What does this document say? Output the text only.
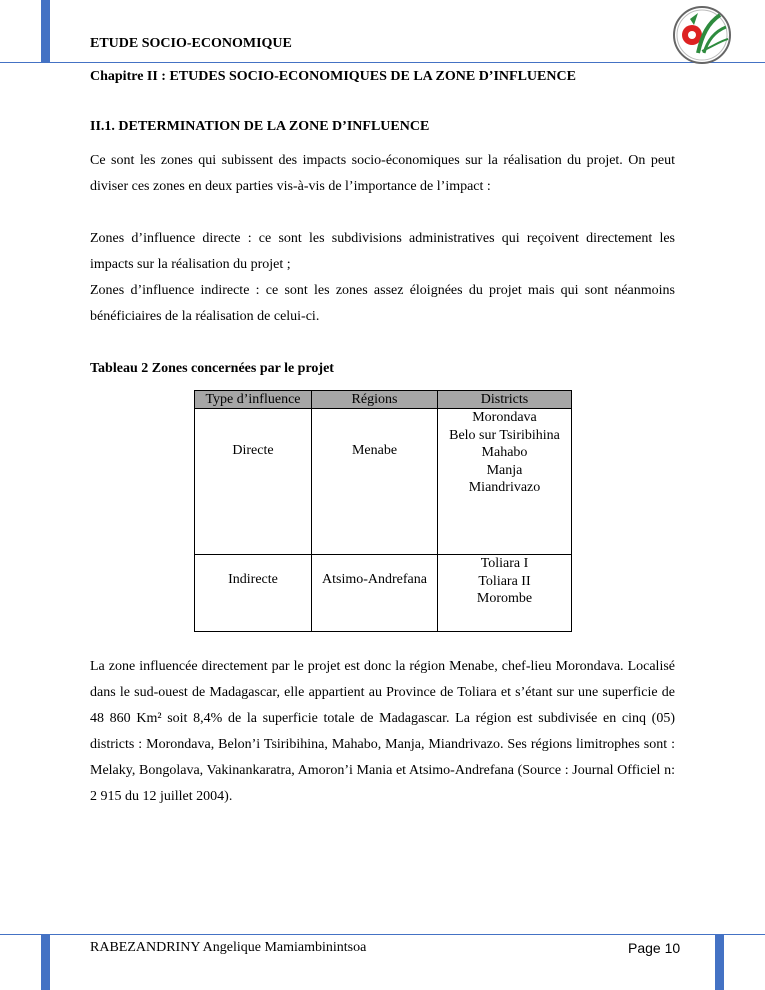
ETUDE SOCIO-ECONOMIQUE
Chapitre II : ETUDES SOCIO-ECONOMIQUES DE LA ZONE D’INFLUENCE
II.1. DETERMINATION DE LA ZONE D’INFLUENCE
Ce sont les zones qui subissent des impacts socio-économiques sur la réalisation du projet. On peut diviser ces zones en deux parties vis-à-vis de l’importance de l’impact :
Zones d’influence directe : ce sont les subdivisions administratives qui reçoivent directement les impacts sur la réalisation du projet ;
Zones d’influence indirecte : ce sont les zones assez éloignées du projet mais qui sont néanmoins bénéficiaires de la réalisation de celui-ci.
Tableau 2 Zones concernées par le projet
Type d’influence	Régions	Districts
Directe	Menabe	Morondava
Belo sur Tsiribihina
Mahabo
Manja
Miandrivazo

Indirecte	Atsimo-Andrefana	Toliara I
Toliara II
Morombe
La zone influencée directement par le projet est donc la région Menabe, chef-lieu Morondava. Localisé dans le sud-ouest de Madagascar, elle appartient au Province de Toliara et s’étant sur une superficie de 48 860 Km² soit 8,4% de la superficie totale de Madagascar. La région est subdivisée en cinq (05) districts : Morondava, Belon’i Tsiribihina, Mahabo, Manja, Miandrivazo. Ses régions limitrophes sont : Melaky, Bongolava, Vakinankaratra, Amoron’i Mania et Atsimo-Andrefana (Source : Journal Officiel n: 2 915 du 12 juillet 2004).
RABEZANDRINY Angelique Mamiambinintsoa	Page 10
